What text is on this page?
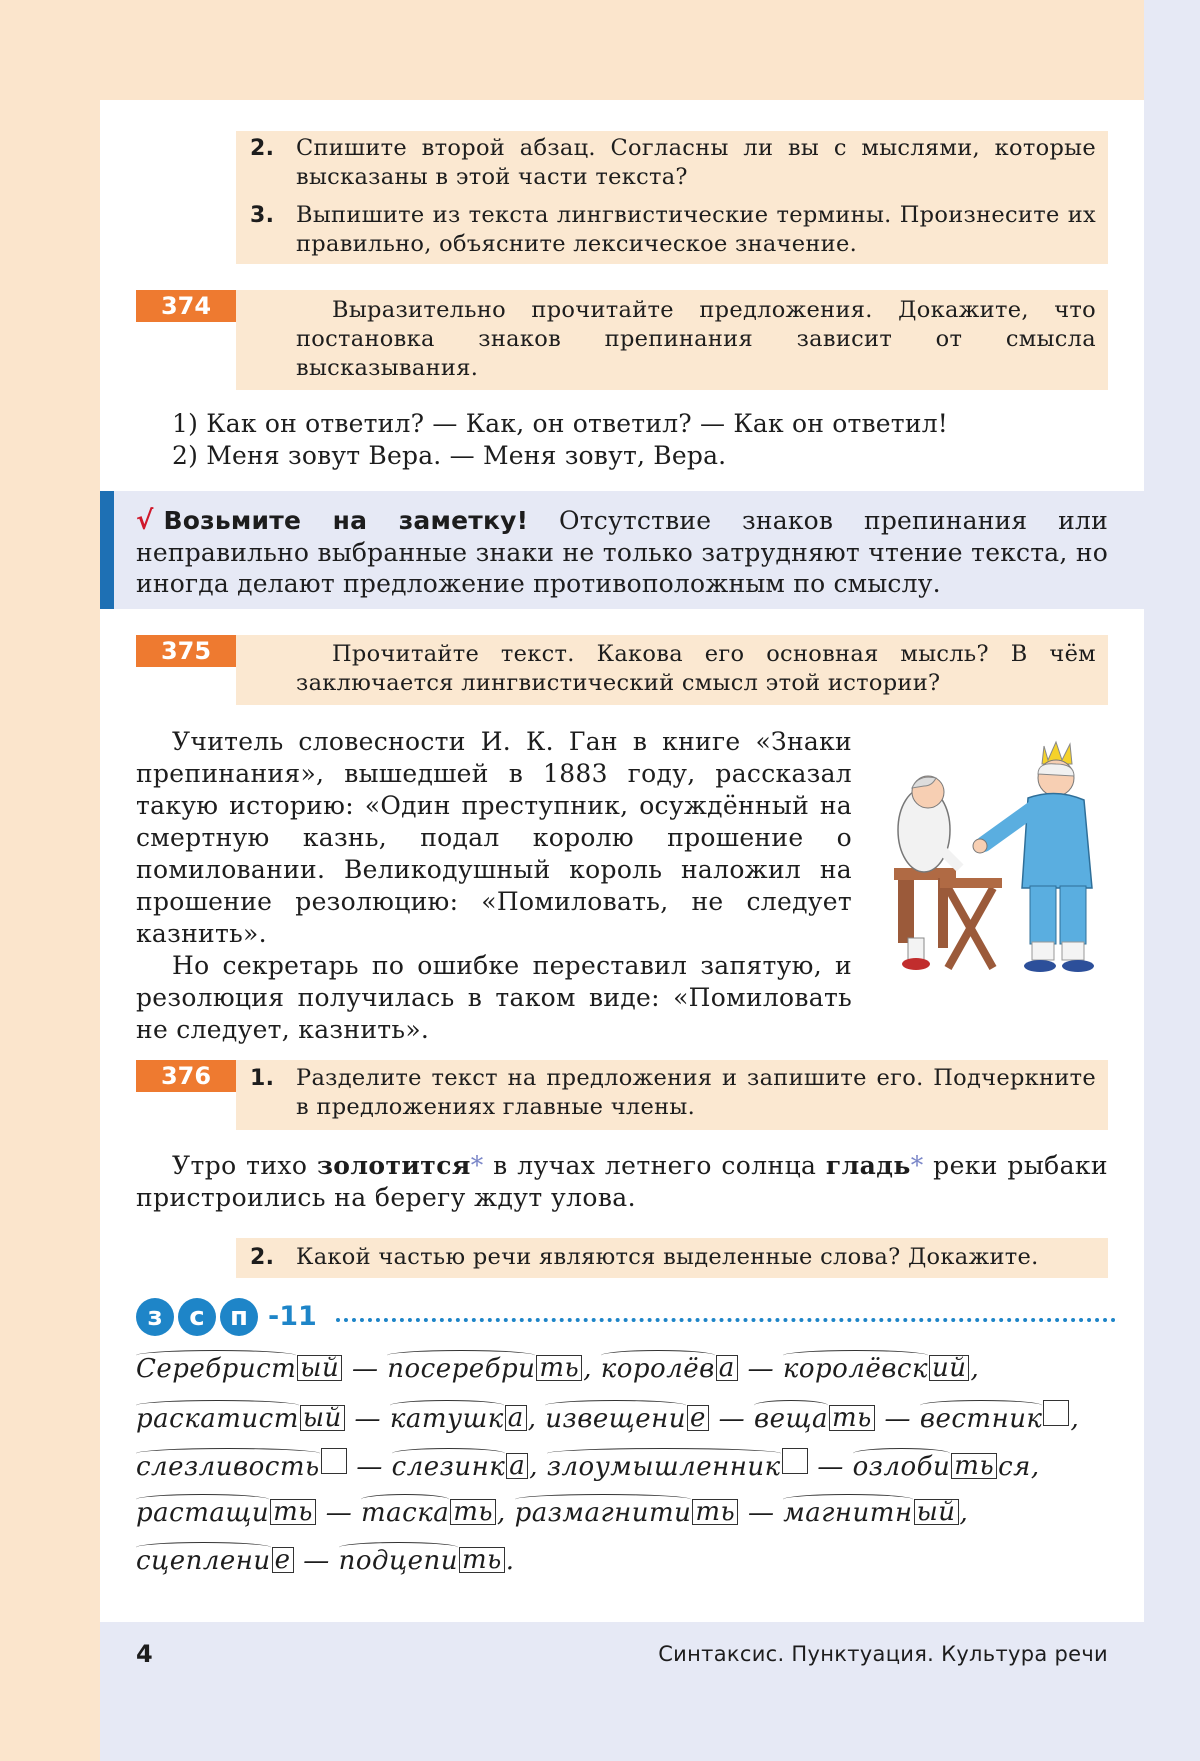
2. Спишите второй абзац. Согласны ли вы с мыслями, которые высказаны в этой части текста?
3. Выпишите из текста лингвистические термины. Произнесите их правильно, объясните лексическое значение.
374	Выразительно прочитайте предложения. Докажите, что постановка знаков препинания зависит от смысла высказывания.
1) Как он ответил? — Как, он ответил? — Как он ответил!
2) Меня зовут Вера. — Меня зовут, Вера.
√ Возьмите на заметку! Отсутствие знаков препинания или неправильно выбранные знаки не только затрудняют чтение текста, но иногда делают предложение противоположным по смыслу.
375	Прочитайте текст. Какова его основная мысль? В чём заключается лингвистический смысл этой истории?

Учитель словесности И. К. Ган в книге «Знаки препинания», вышедшей в 1883 году, рассказал такую историю: «Один преступник, осуждённый на смертную казнь, подал королю прошение о помиловании. Великодушный король наложил на прошение резолюцию: «Помиловать, не следует казнить».

Но секретарь по ошибке переставил запятую, и резолюция получилась в таком виде: «Помиловать не следует, казнить».

376	1. Разделите текст на предложения и запишите его. Подчеркните в предложениях главные члены.

Утро тихо золотится* в лучах летнего солнца гладь* реки рыбаки пристроились на берегу ждут улова.

2. Какой частью речи являются выделенные слова? Докажите.
з	с п -11
Серебрист ый — посеребри ть , королёв а — королёвск ий ,
раскатист ый — катушк а , извещени е — веща ть — вестник ,
слезливость — слезинк а , злоумышленник — озлоби ть ся,
растащи ть — таска ть , размагнити ть — магнитн ый ,
сцеплени е — подцепи ть .
4	Синтаксис. Пунктуация. Культура речи
